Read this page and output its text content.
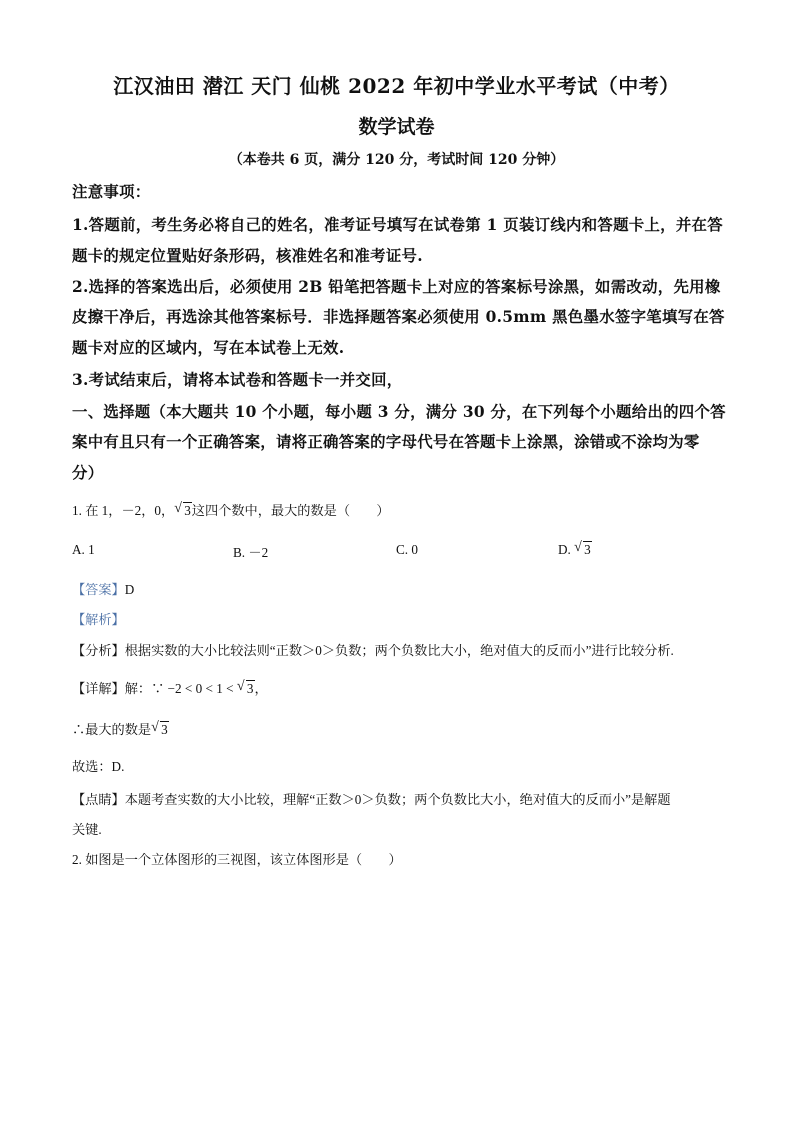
江汉油田 潜江 天门 仙桃 2022 年初中学业水平考试（中考）
数学试卷
（本卷共 6 页，满分 120 分，考试时间 120 分钟）
注意事项：
1.答题前，考生务必将自己的姓名，准考证号填写在试卷第 1 页装订线内和答题卡上，并在答
题卡的规定位置贴好条形码，核准姓名和准考证号.
2.选择的答案选出后，必须使用 2B 铅笔把答题卡上对应的答案标号涂黑，如需改动，先用橡
皮擦干净后，再选涂其他答案标号．非选择题答案必须使用 0.5mm 黑色墨水签字笔填写在答
题卡对应的区域内，写在本试卷上无效.
3.考试结束后，请将本试卷和答题卡一并交回，
一、选择题（本大题共 10 个小题，每小题 3 分，满分 30 分，在下列每个小题给出的四个答
案中有且只有一个正确答案，请将正确答案的字母代号在答题卡上涂黑，涂错或不涂均为零
分）
1. 在 1，－2，0， √ 3这四个数中，最大的数是（　　）
A. 1	B. －2	C. 0	D. √ 3
【答案】D
【解析】
【分析】根据实数的大小比较法则“正数＞0＞负数；两个负数比大小，绝对值大的反而小”进行比较分析.
【详解】解：∵ −2 < 0 < 1 < √ 3，
∴最大的数是 √ 3
故选：D.
【点睛】本题考查实数的大小比较，理解“正数＞0＞负数；两个负数比大小，绝对值大的反而小”是解题
关键.
2. 如图是一个立体图形的三视图，该立体图形是（　　）
